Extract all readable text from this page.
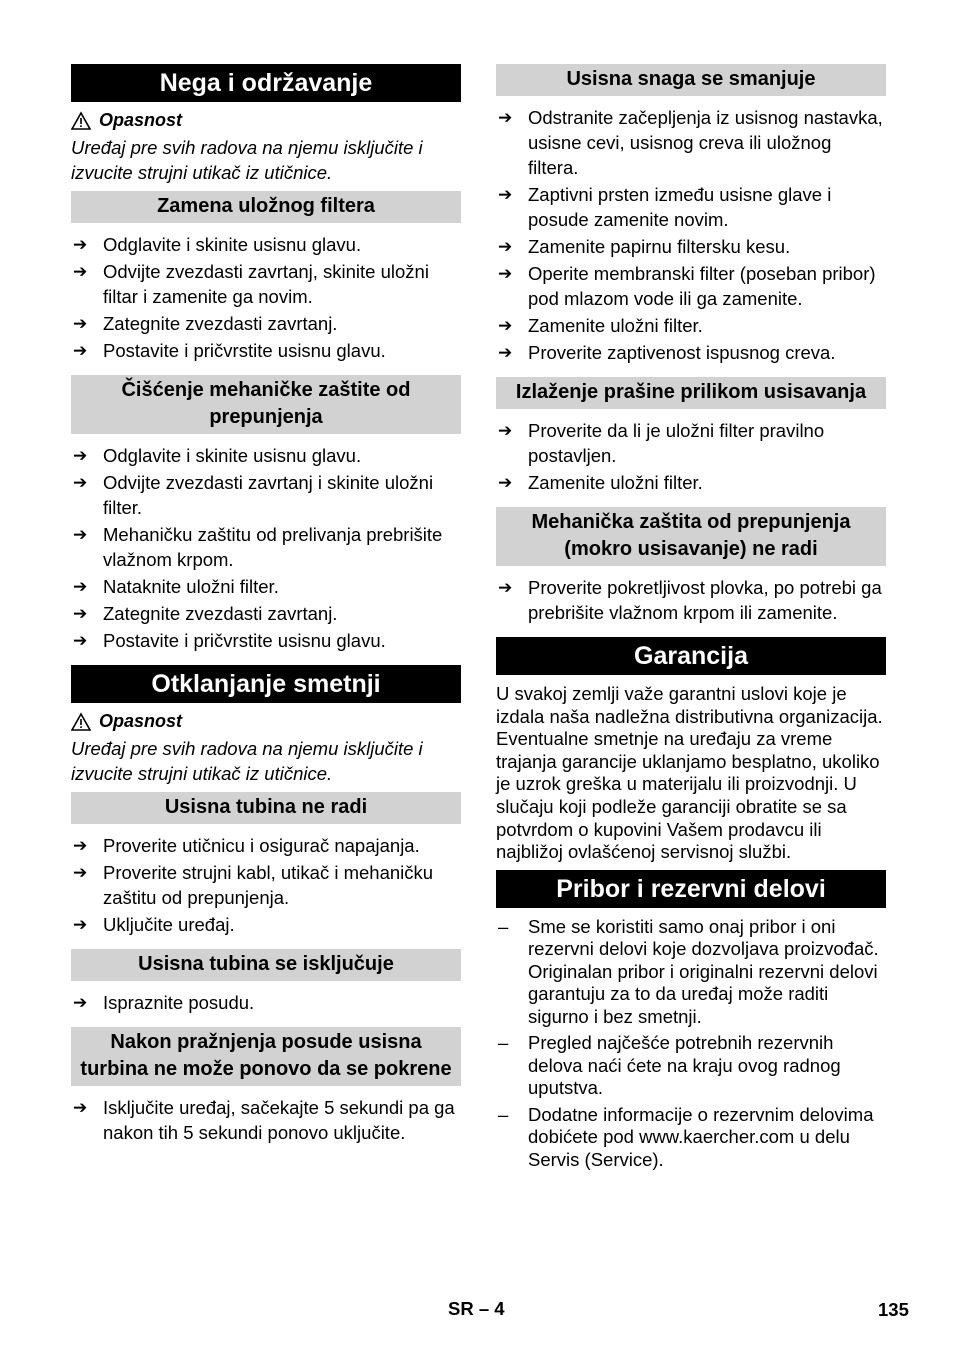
Nega i održavanje
Opasnost
Uređaj pre svih radova na njemu isključite i izvucite strujni utikač iz utičnice.
Zamena uložnog filtera
➔ Odglavite i skinite usisnu glavu.
➔ Odvijte zvezdasti zavrtanj, skinite uložni filtar i zamenite ga novim.
➔ Zategnite zvezdasti zavrtanj.
➔ Postavite i pričvrstite usisnu glavu.
Čišćenje mehaničke zaštite od prepunjenja
➔ Odglavite i skinite usisnu glavu.
➔ Odvijte zvezdasti zavrtanj i skinite uložni filter.
➔ Mehaničku zaštitu od prelivanja prebrišite vlažnom krpom.
➔ Nataknite uložni filter.
➔ Zategnite zvezdasti zavrtanj.
➔ Postavite i pričvrstite usisnu glavu.
Otklanjanje smetnji
Opasnost
Uređaj pre svih radova na njemu isključite i izvucite strujni utikač iz utičnice.
Usisna tubina ne radi
➔ Proverite utičnicu i osigurač napajanja.
➔ Proverite strujni kabl, utikač i mehaničku zaštitu od prepunjenja.
➔ Uključite uređaj.
Usisna tubina se isključuje
➔ Ispraznite posudu.
Nakon pražnjenja posude usisna turbina ne može ponovo da se pokrene
➔ Isključite uređaj, sačekajte 5 sekundi pa ga nakon tih 5 sekundi ponovo uključite.
Usisna snaga se smanjuje
➔ Odstranite začepljenja iz usisnog nastavka, usisne cevi, usisnog creva ili uložnog filtera.
➔ Zaptivni prsten između usisne glave i posude zamenite novim.
➔ Zamenite papirnu filtersku kesu.
➔ Operite membranski filter (poseban pribor) pod mlazom vode ili ga zamenite.
➔ Zamenite uložni filter.
➔ Proverite zaptivenost ispusnog creva.
Izlaženje prašine prilikom usisavanja
➔ Proverite da li je uložni filter pravilno postavljen.
➔ Zamenite uložni filter.
Mehanička zaštita od prepunjenja (mokro usisavanje) ne radi
➔ Proverite pokretljivost plovka, po potrebi ga prebrišite vlažnom krpom ili zamenite.
Garancija

U svakoj zemlji važe garantni uslovi koje je izdala naša nadležna distributivna organizacija. Eventualne smetnje na uređaju za vreme trajanja garancije uklanjamo besplatno, ukoliko je uzrok greška u materijalu ili proizvodnji. U slučaju koji podleže garanciji obratite se sa potvrdom o kupovini Vašem prodavcu ili najbližoj ovlašćenoj servisnoj službi.

Pribor i rezervni delovi
– Sme se koristiti samo onaj pribor i oni rezervni delovi koje dozvoljava proizvođač. Originalan pribor i originalni rezervni delovi garantuju za to da uređaj može raditi sigurno i bez smetnji.
– Pregled najčešće potrebnih rezervnih delova naći ćete na kraju ovog radnog uputstva.
– Dodatne informacije o rezervnim delovima dobićete pod www.kaercher.com u delu Servis (Service).
SR – 4	135
